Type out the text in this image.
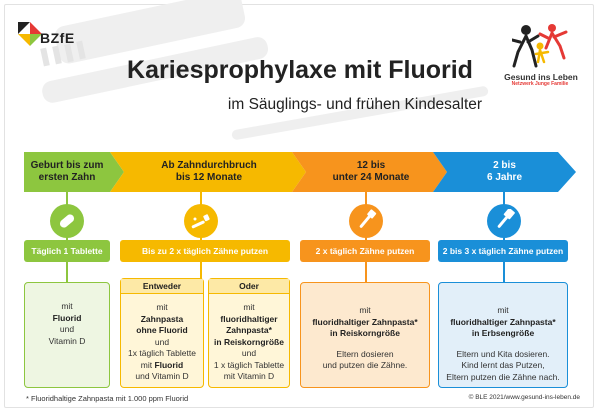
BZfE
Gesund ins Leben
Netzwerk Junge Familie
Kariesprophylaxe mit Fluorid
im Säuglings- und frühen Kindesalter
Geburt bis zum
ersten Zahn
Ab Zahndurchbruch
bis 12 Monate
12 bis
unter 24 Monate
2 bis
6 Jahre
Täglich 1 Tablette	Bis zu 2 x täglich Zähne putzen	2 x täglich Zähne putzen	2 bis 3 x täglich Zähne putzen

mit

Fluorid

und

Vitamin D

Entweder

mit

Zahnpasta

ohne Fluorid

und

1x täglich Tablette

mit Fluorid

und Vitamin D

Oder

mit

fluoridhaltiger

Zahnpasta*

in Reiskorngröße

und

1 x täglich Tablette

mit Vitamin D

mit

fluoridhaltiger Zahnpasta*

in Reiskorngröße

Eltern dosieren

und putzen die Zähne.

mit

fluoridhaltiger Zahnpasta*

in Erbsengröße

Eltern und Kita dosieren.

Kind lernt das Putzen,

Eltern putzen die Zähne nach.

* Fluoridhaltige Zahnpasta mit 1.000 ppm Fluorid	© BLE 2021/www.gesund-ins-leben.de
